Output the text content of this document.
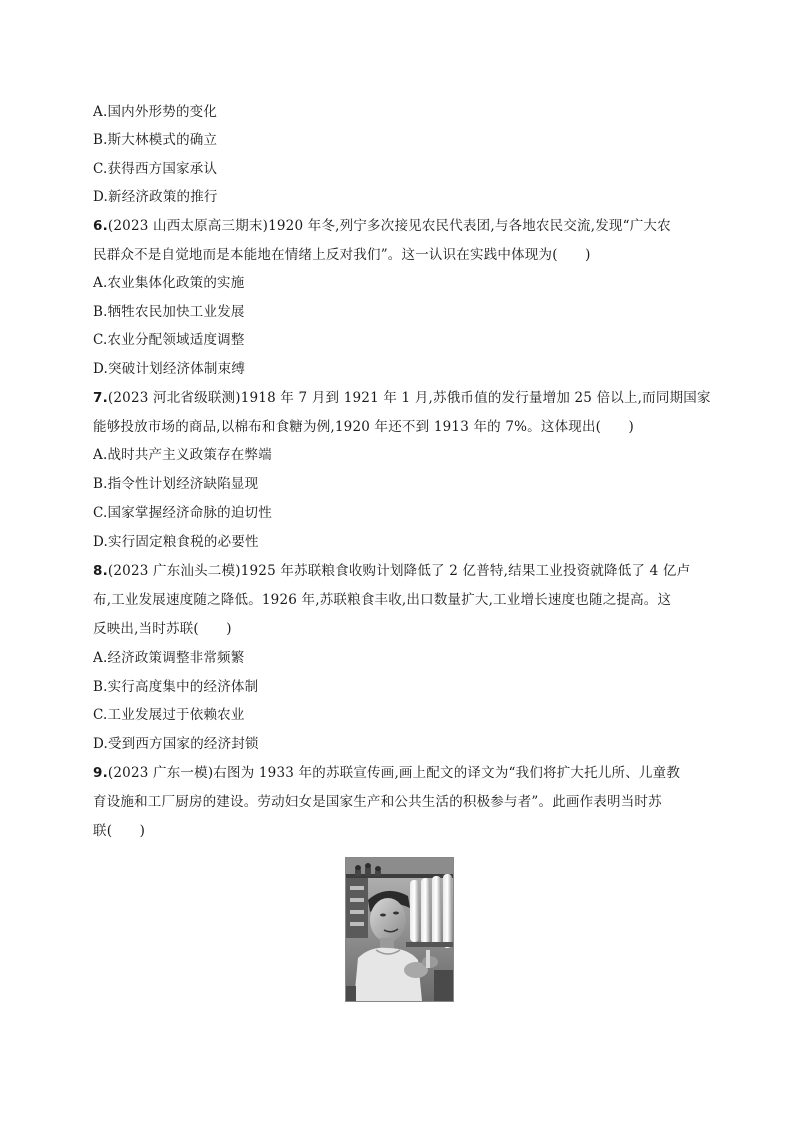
A.国内外形势的变化
B.斯大林模式的确立
C.获得西方国家承认
D.新经济政策的推行
6.(2023 山西太原高三期末)1920 年冬,列宁多次接见农民代表团,与各地农民交流,发现“广大农
民群众不是自觉地而是本能地在情绪上反对我们”。这一认识在实践中体现为(　　)
A.农业集体化政策的实施
B.牺牲农民加快工业发展
C.农业分配领域适度调整
D.突破计划经济体制束缚
7.(2023 河北省级联测)1918 年 7 月到 1921 年 1 月,苏俄币值的发行量增加 25 倍以上,而同期国家
能够投放市场的商品,以棉布和食糖为例,1920 年还不到 1913 年的 7%。这体现出(　　)
A.战时共产主义政策存在弊端
B.指令性计划经济缺陷显现
C.国家掌握经济命脉的迫切性
D.实行固定粮食税的必要性
8.(2023 广东汕头二模)1925 年苏联粮食收购计划降低了 2 亿普特,结果工业投资就降低了 4 亿卢
布,工业发展速度随之降低。1926 年,苏联粮食丰收,出口数量扩大,工业增长速度也随之提高。这
反映出,当时苏联(　　)
A.经济政策调整非常频繁
B.实行高度集中的经济体制
C.工业发展过于依赖农业
D.受到西方国家的经济封锁
9.(2023 广东一模)右图为 1933 年的苏联宣传画,画上配文的译文为“我们将扩大托儿所、儿童教
育设施和工厂厨房的建设。劳动妇女是国家生产和公共生活的积极参与者”。此画作表明当时苏
联(　　)
